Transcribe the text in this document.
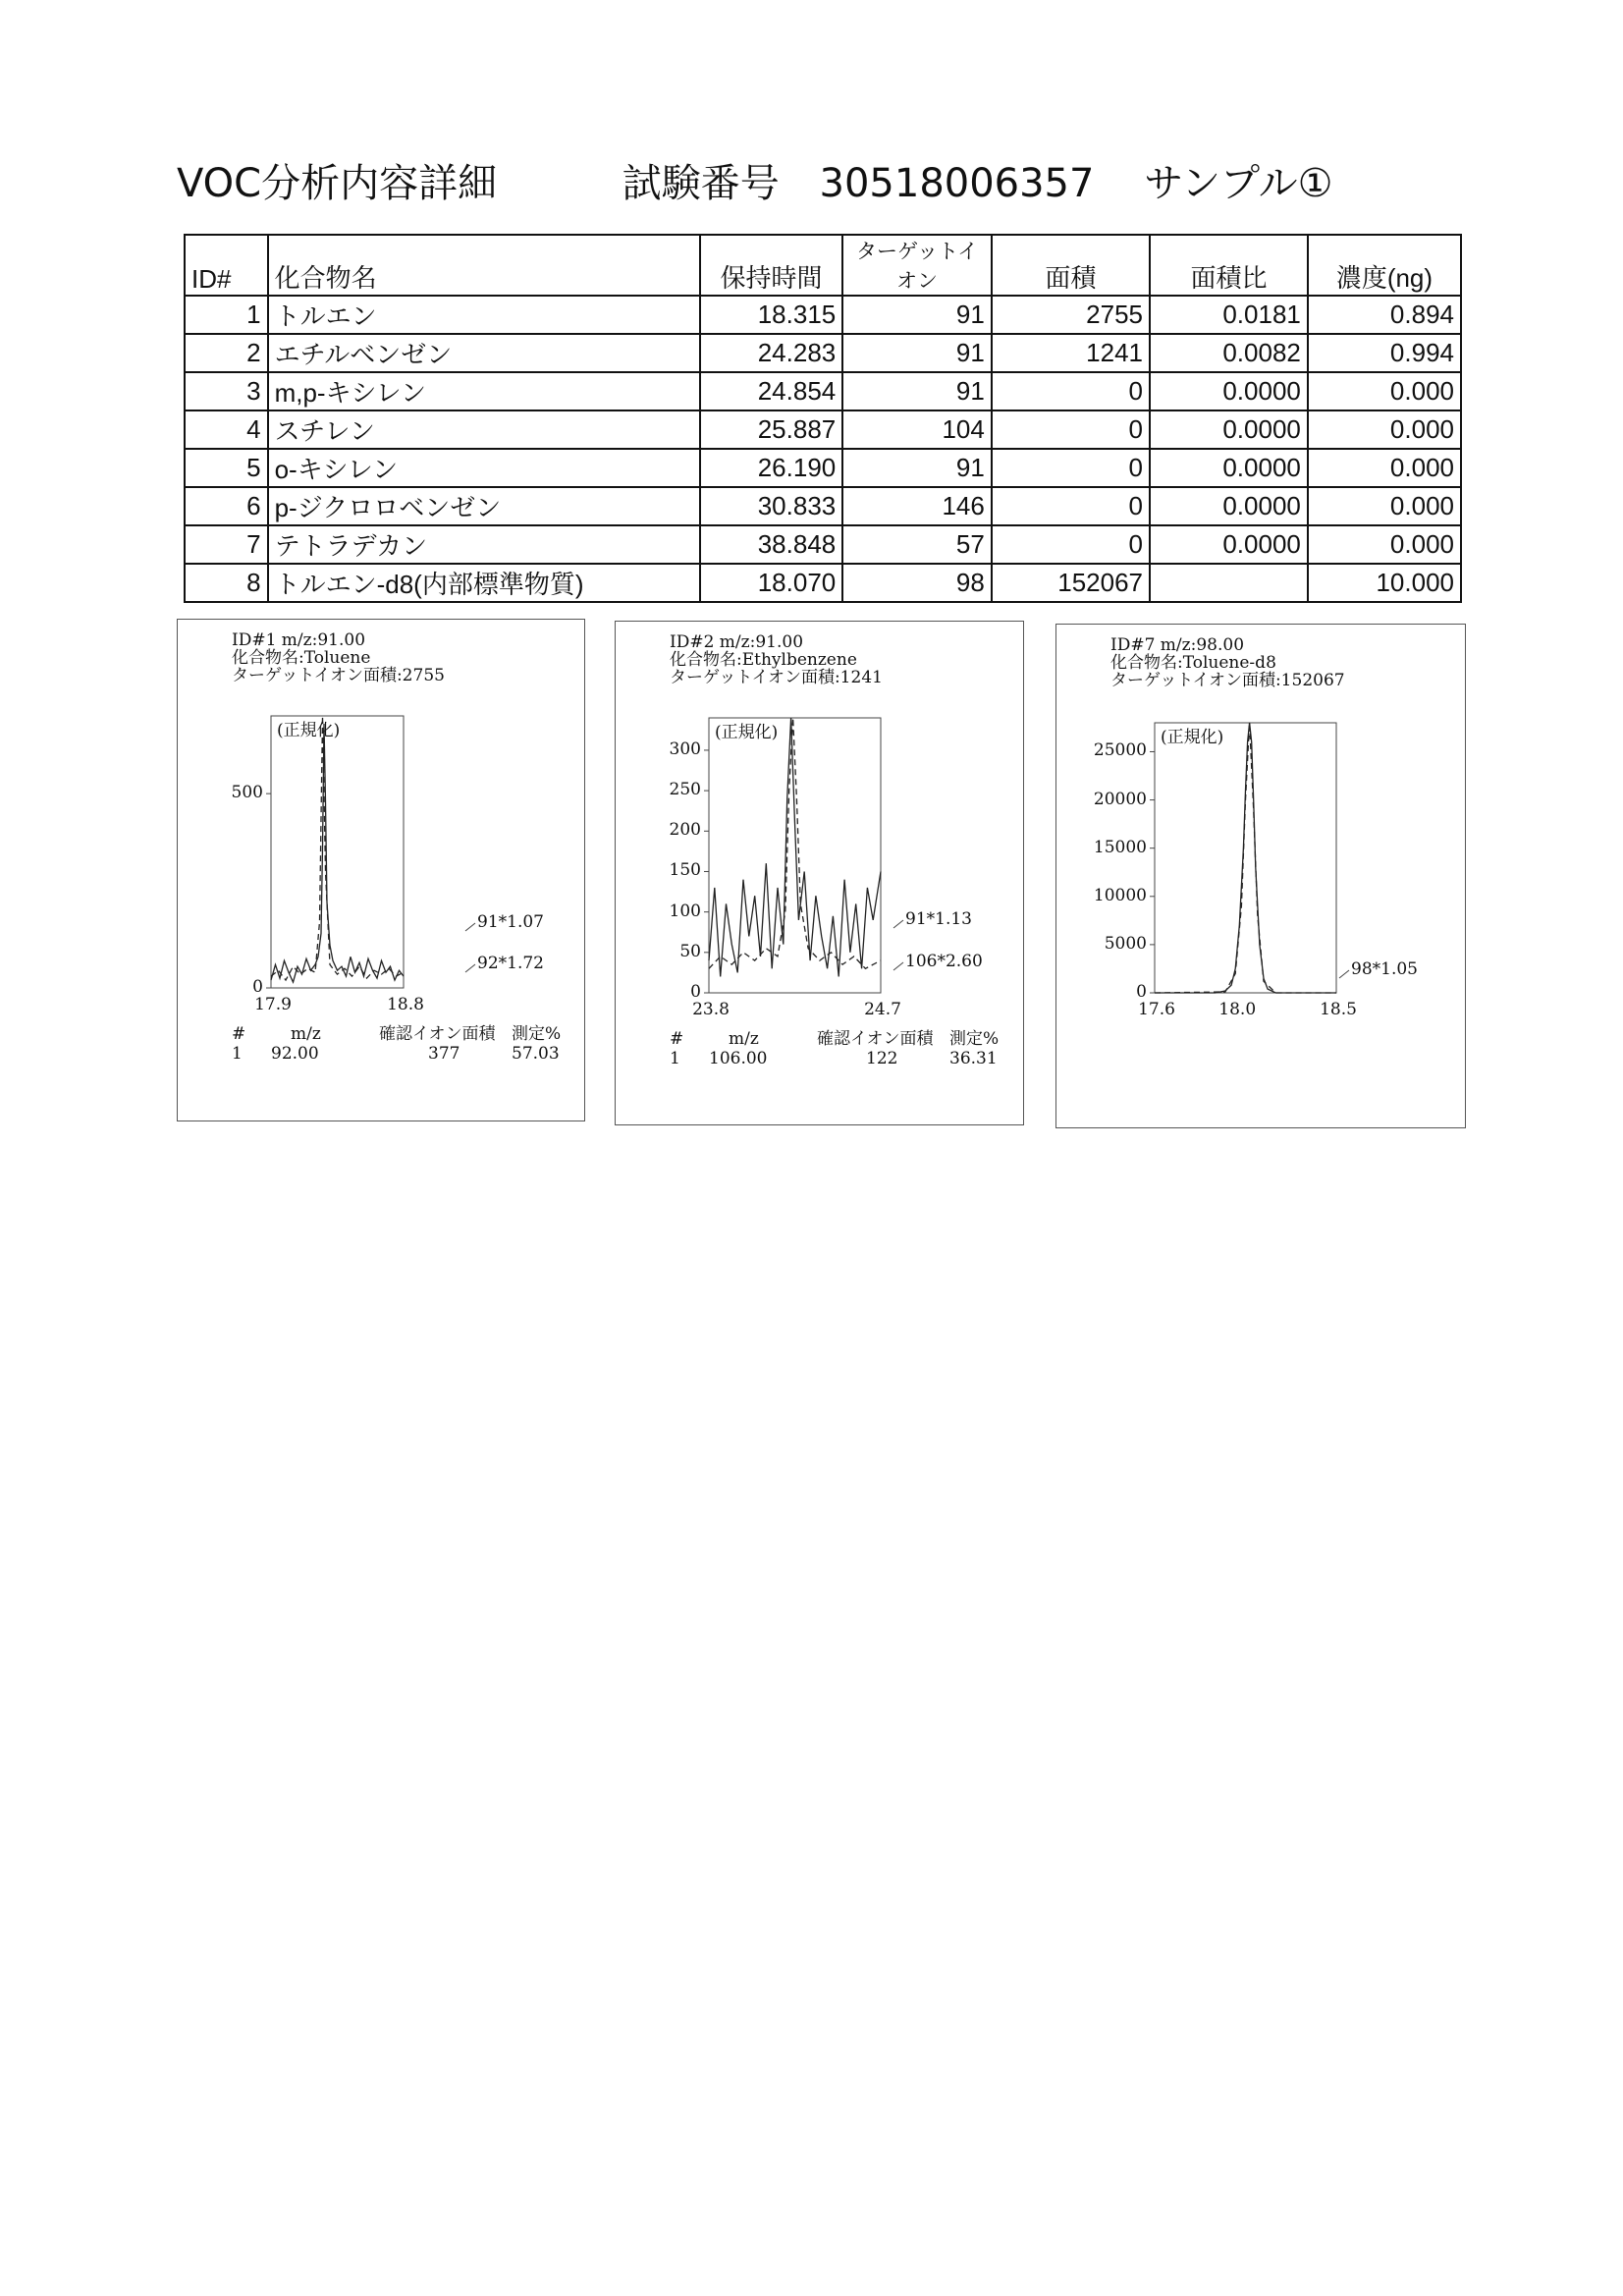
VOC分析内容詳細	試験番号 30518006357 サンプル①
ID#	化合物名	保持時間	ターゲットイオン	面積	面積比	濃度(ng)
1	トルエン	18.315	91	2755	0.0181	0.894
2	エチルベンゼン	24.283	91	1241	0.0082	0.994
3	m,p-キシレン	24.854	91	0	0.0000	0.000
4	スチレン	25.887	104	0	0.0000	0.000
5	o-キシレン	26.190	91	0	0.0000	0.000
6	p-ジクロロベンゼン	30.833	146	0	0.0000	0.000
7	テトラデカン	38.848	57	0	0.0000	0.000
8	トルエン-d8(内部標準物質)	18.070	98	152067		10.000
ID#1 m/z:91.00
化合物名:Toluene
ターゲットイオン面積:2755
(正規化)
0
500
17.9	18.8
91*1.07
92*1.72
#	m/z	確認イオン面積 測定%
1 92.00	377	57.03
ID#2 m/z:91.00
化合物名:Ethylbenzene
ターゲットイオン面積:1241
(正規化)
0
50
100
150
200
250
300
23.8	24.7
91*1.13
106*2.60
#	m/z	確認イオン面積 測定%
1 106.00	122	36.31
ID#7 m/z:98.00
化合物名:Toluene-d8
ターゲットイオン面積:152067
(正規化)
0
5000
10000
15000
20000
25000
17.6	18.0	18.5
98*1.05
